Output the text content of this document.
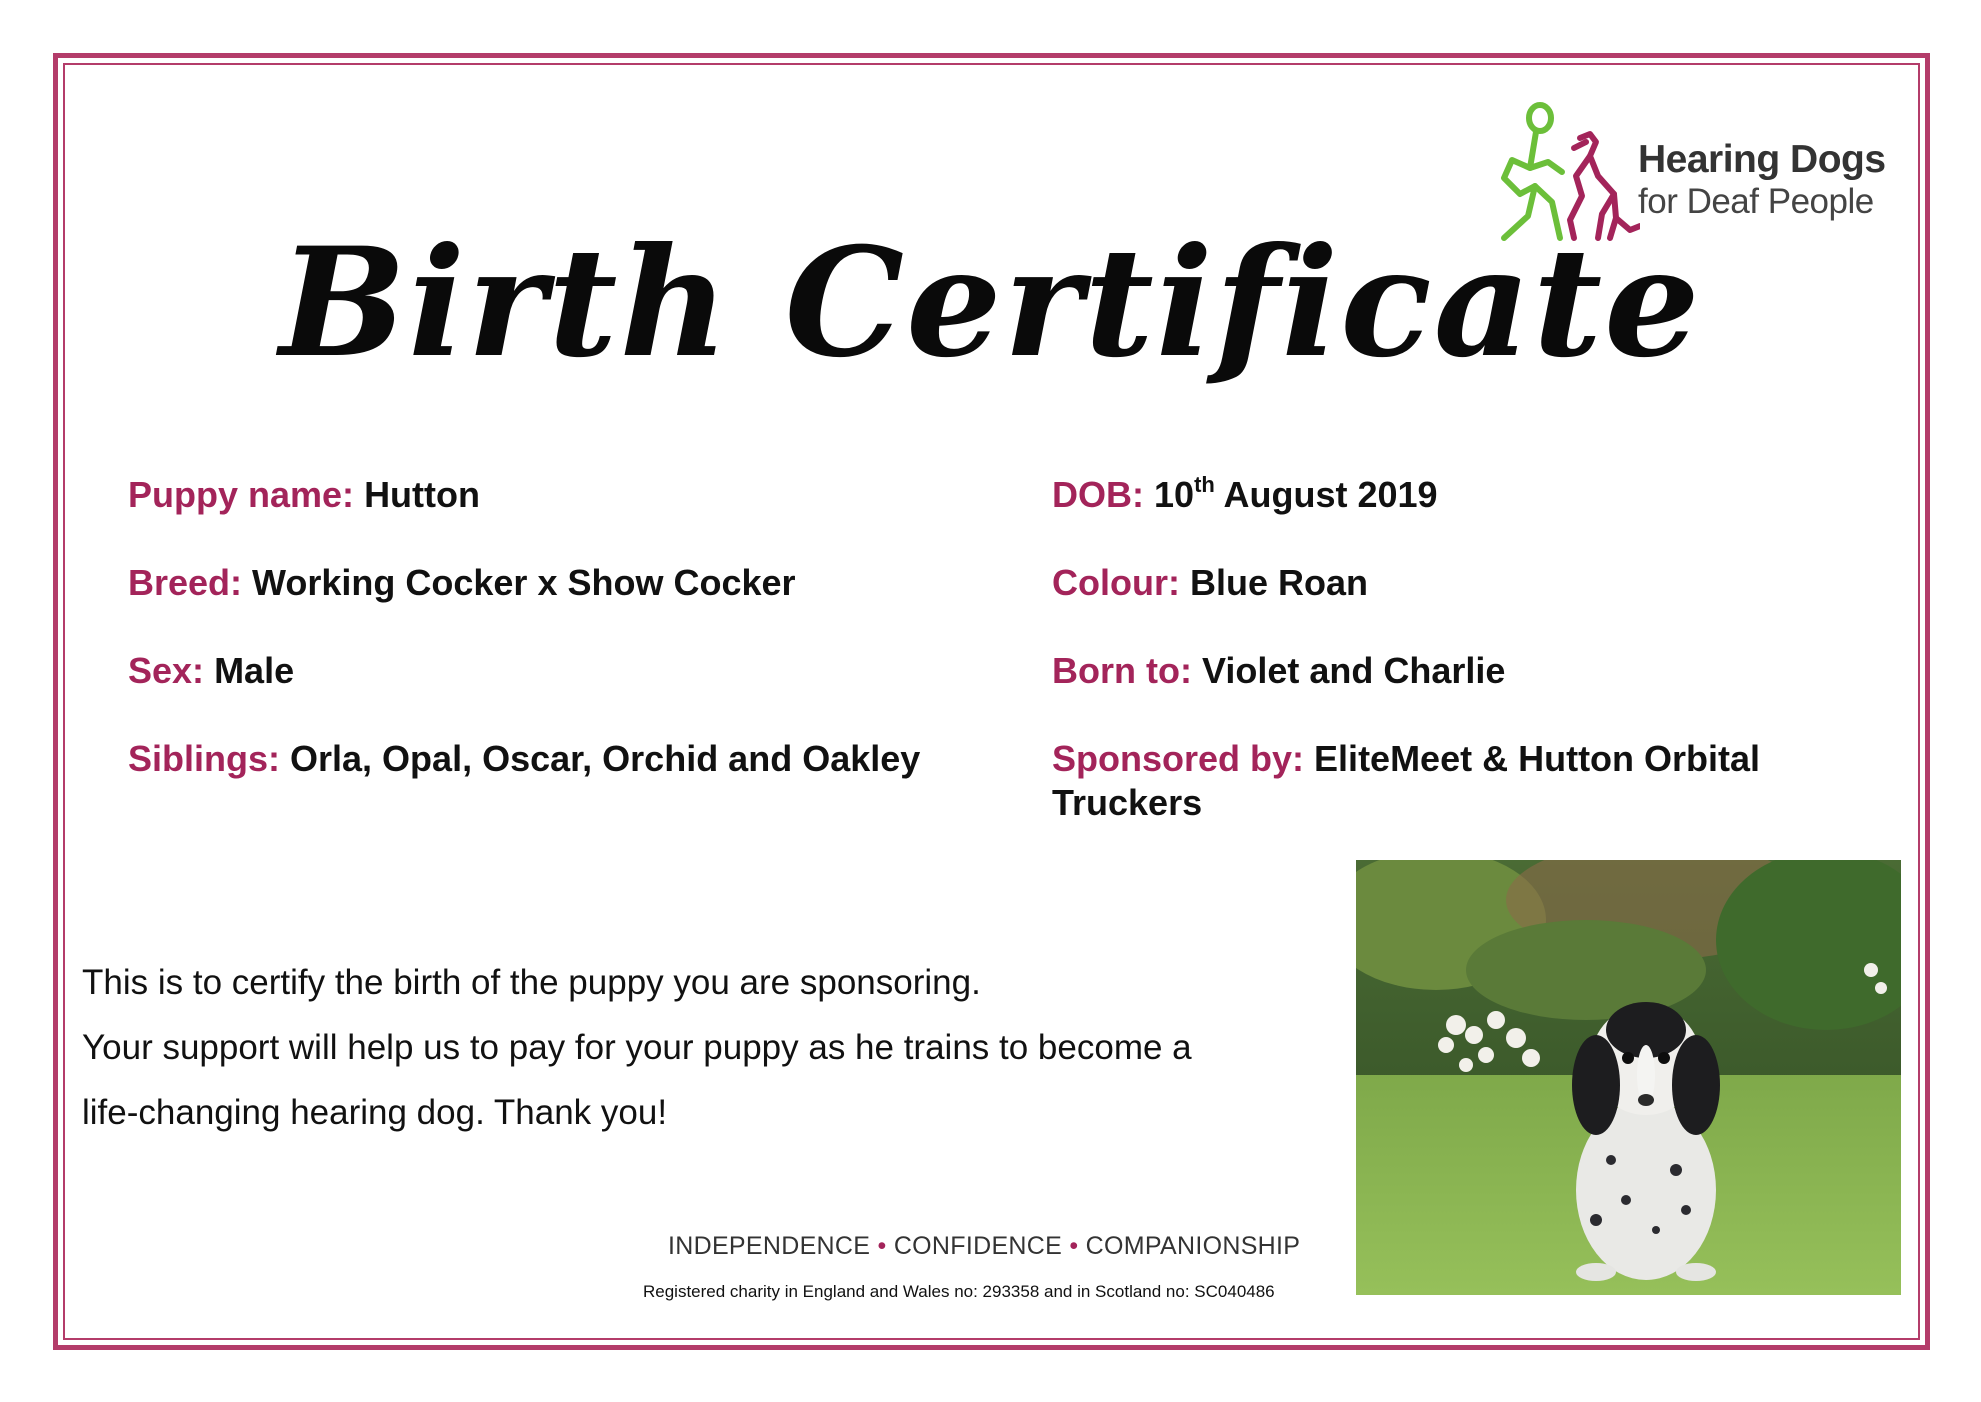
Hearing Dogs
for Deaf People
Birth Certificate
Puppy name: Hutton	DOB: 10th August 2019
Breed: Working Cocker x Show Cocker	Colour: Blue Roan
Sex: Male	Born to: Violet and Charlie
Siblings: Orla, Opal, Oscar, Orchid and Oakley	Sponsored by: EliteMeet & Hutton Orbital Truckers
This is to certify the birth of the puppy you are sponsoring.
Your support will help us to pay for your puppy as he trains to become a
life-changing hearing dog. Thank you!
INDEPENDENCE • CONFIDENCE • COMPANIONSHIP
Registered charity in England and Wales no: 293358 and in Scotland no: SC040486
